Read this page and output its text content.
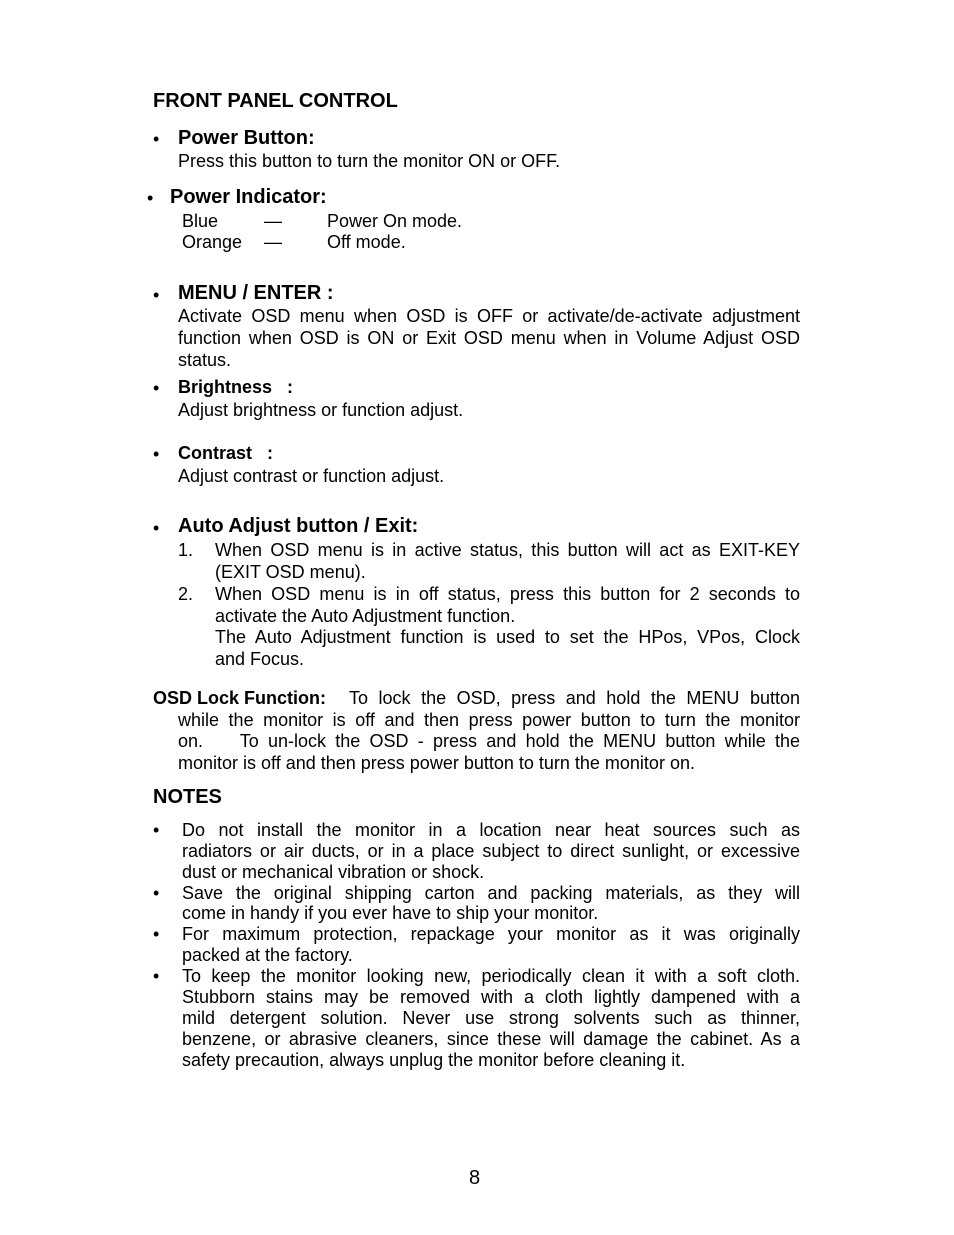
FRONT PANEL CONTROL
• Power Button:
Press this button to turn the monitor ON or OFF.
• Power Indicator:
Blue	—	Power On mode.
Orange —	Off mode.
• MENU / ENTER :
Activate OSD menu when OSD is OFF or activate/de-activate adjustment
function when OSD is ON or Exit OSD menu when in Volume Adjust OSD
status.
• Brightness   :
Adjust brightness or function adjust.
• Contrast   :
Adjust contrast or function adjust.
• Auto Adjust button / Exit:
1. When OSD menu is in active status, this button will act as EXIT-KEY
(EXIT OSD menu).
2. When OSD menu is in off status, press this button for 2 seconds to
activate the Auto Adjustment function.
The Auto Adjustment function is used to set the HPos, VPos, Clock
and Focus.
OSD Lock Function: To lock the OSD, press and hold the MENU button
while the monitor is off and then press power button to turn the monitor
on.    To un-lock the OSD - press and hold the MENU button while the
monitor is off and then press power button to turn the monitor on.
NOTES
• Do not install the monitor in a location near heat sources such as
radiators or air ducts, or in a place subject to direct sunlight, or excessive
dust or mechanical vibration or shock.
• Save the original shipping carton and packing materials, as they will
come in handy if you ever have to ship your monitor.
• For maximum protection, repackage your monitor as it was originally
packed at the factory.
• To keep the monitor looking new, periodically clean it with a soft cloth.
Stubborn stains may be removed with a cloth lightly dampened with a
mild detergent solution. Never use strong solvents such as thinner,
benzene, or abrasive cleaners, since these will damage the cabinet. As a
safety precaution, always unplug the monitor before cleaning it.
8
